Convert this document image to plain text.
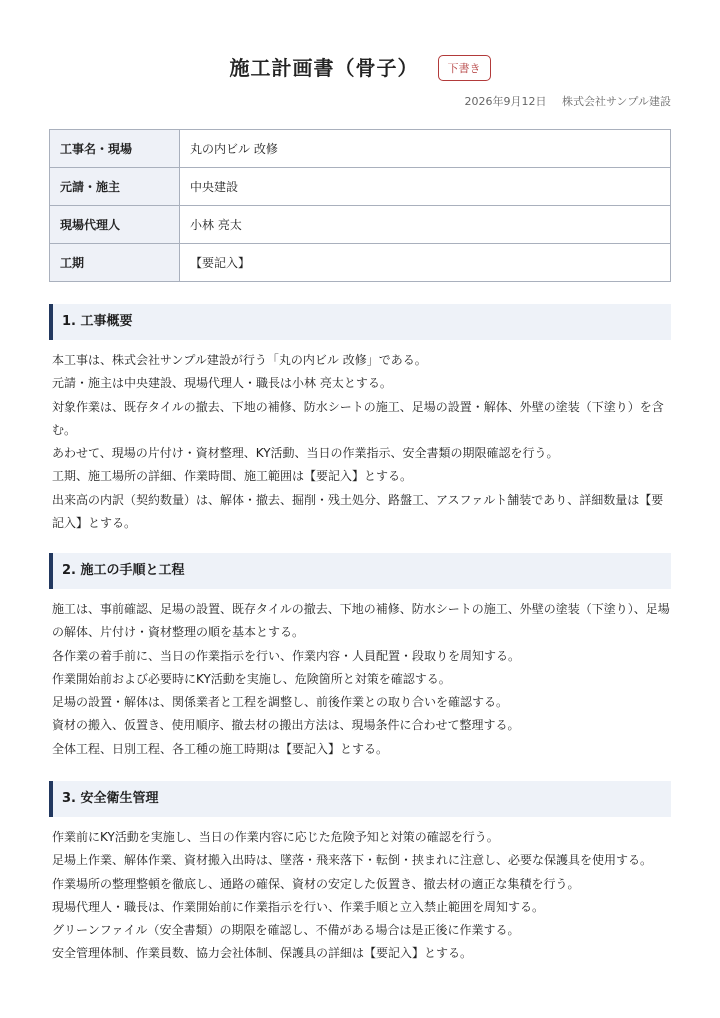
施工計画書（骨子）	下書き
2026年9月12日 株式会社サンプル建設
工事名・現場	丸の内ビル 改修
元請・施主	中央建設
現場代理人	小林 亮太
工期	【要記入】
1. 工事概要

本工事は、株式会社サンプル建設が行う「丸の内ビル 改修」である。

元請・施主は中央建設、現場代理人・職長は小林 亮太とする。

対象作業は、既存タイルの撤去、下地の補修、防水シートの施工、足場の設置・解体、外壁の塗装（下塗り）を含む。

あわせて、現場の片付け・資材整理、KY活動、当日の作業指示、安全書類の期限確認を行う。

工期、施工場所の詳細、作業時間、施工範囲は【要記入】とする。

出来高の内訳（契約数量）は、解体・撤去、掘削・残土処分、路盤工、アスファルト舗装であり、詳細数量は【要記入】とする。

2. 施工の手順と工程

施工は、事前確認、足場の設置、既存タイルの撤去、下地の補修、防水シートの施工、外壁の塗装（下塗り）、足場の解体、片付け・資材整理の順を基本とする。

各作業の着手前に、当日の作業指示を行い、作業内容・人員配置・段取りを周知する。

作業開始前および必要時にKY活動を実施し、危険箇所と対策を確認する。

足場の設置・解体は、関係業者と工程を調整し、前後作業との取り合いを確認する。

資材の搬入、仮置き、使用順序、撤去材の搬出方法は、現場条件に合わせて整理する。

全体工程、日別工程、各工種の施工時期は【要記入】とする。

3. 安全衛生管理

作業前にKY活動を実施し、当日の作業内容に応じた危険予知と対策の確認を行う。

足場上作業、解体作業、資材搬入出時は、墜落・飛来落下・転倒・挟まれに注意し、必要な保護具を使用する。

作業場所の整理整頓を徹底し、通路の確保、資材の安定した仮置き、撤去材の適正な集積を行う。

現場代理人・職長は、作業開始前に作業指示を行い、作業手順と立入禁止範囲を周知する。

グリーンファイル（安全書類）の期限を確認し、不備がある場合は是正後に作業する。

安全管理体制、作業員数、協力会社体制、保護具の詳細は【要記入】とする。
